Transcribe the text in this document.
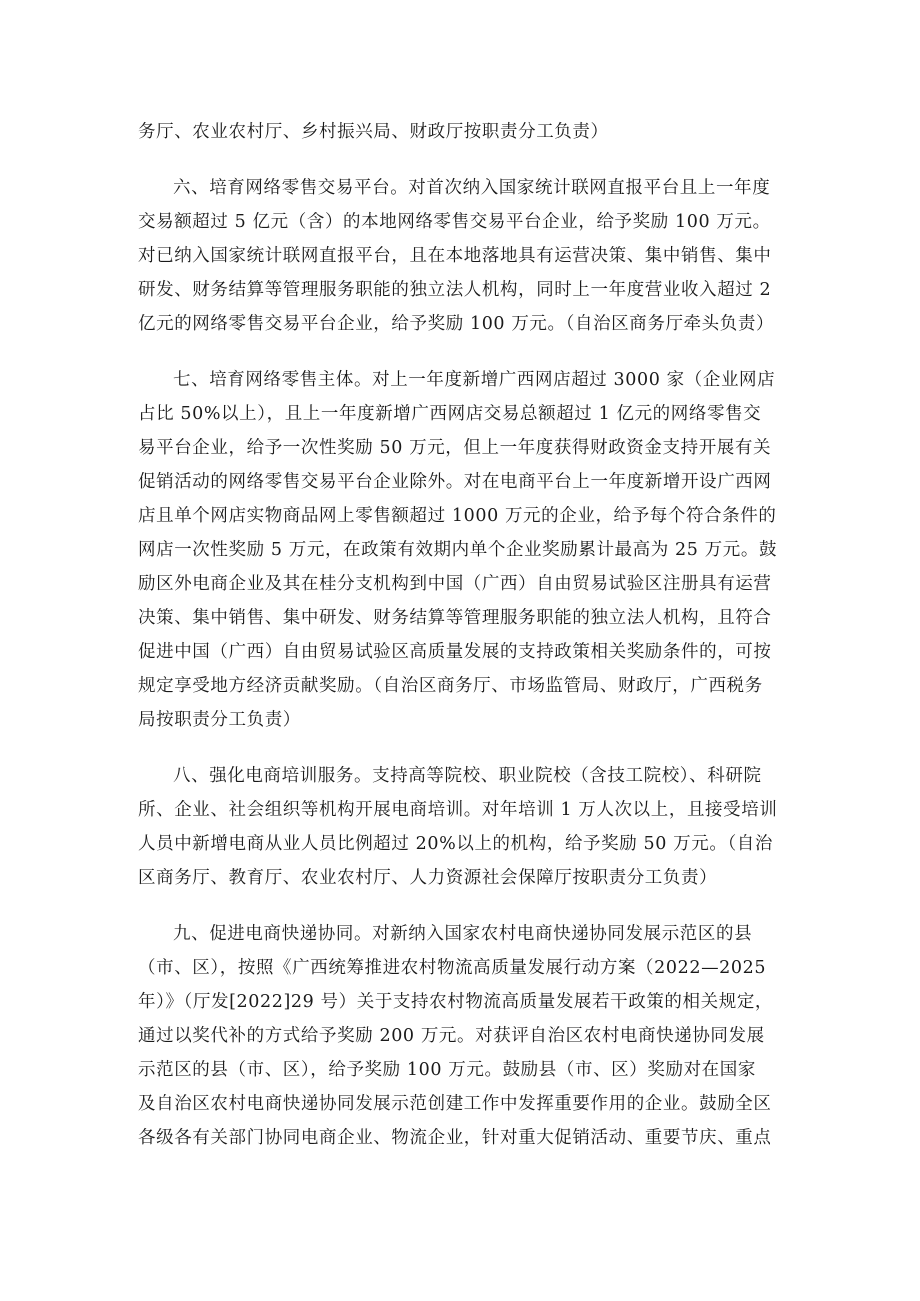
务厅、农业农村厅、乡村振兴局、财政厅按职责分工负责）
六、培育网络零售交易平台。对首次纳入国家统计联网直报平台且上一年度
交易额超过 5 亿元（含）的本地网络零售交易平台企业，给予奖励 100 万元。
对已纳入国家统计联网直报平台，且在本地落地具有运营决策、集中销售、集中
研发、财务结算等管理服务职能的独立法人机构，同时上一年度营业收入超过 2
亿元的网络零售交易平台企业，给予奖励 100 万元。（自治区商务厅牵头负责）
七、培育网络零售主体。对上一年度新增广西网店超过 3000 家（企业网店
占比 50%以上），且上一年度新增广西网店交易总额超过 1 亿元的网络零售交
易平台企业，给予一次性奖励 50 万元，但上一年度获得财政资金支持开展有关
促销活动的网络零售交易平台企业除外。对在电商平台上一年度新增开设广西网
店且单个网店实物商品网上零售额超过 1000 万元的企业，给予每个符合条件的
网店一次性奖励 5 万元，在政策有效期内单个企业奖励累计最高为 25 万元。鼓
励区外电商企业及其在桂分支机构到中国（广西）自由贸易试验区注册具有运营
决策、集中销售、集中研发、财务结算等管理服务职能的独立法人机构，且符合
促进中国（广西）自由贸易试验区高质量发展的支持政策相关奖励条件的，可按
规定享受地方经济贡献奖励。（自治区商务厅、市场监管局、财政厅，广西税务
局按职责分工负责）
八、强化电商培训服务。支持高等院校、职业院校（含技工院校）、科研院
所、企业、社会组织等机构开展电商培训。对年培训 1 万人次以上，且接受培训
人员中新增电商从业人员比例超过 20%以上的机构，给予奖励 50 万元。（自治
区商务厅、教育厅、农业农村厅、人力资源社会保障厅按职责分工负责）
九、促进电商快递协同。对新纳入国家农村电商快递协同发展示范区的县
（市、区），按照《广西统筹推进农村物流高质量发展行动方案（2022—2025
年）》（厅发[2022]29 号）关于支持农村物流高质量发展若干政策的相关规定，
通过以奖代补的方式给予奖励 200 万元。对获评自治区农村电商快递协同发展
示范区的县（市、区），给予奖励 100 万元。鼓励县（市、区）奖励对在国家
及自治区农村电商快递协同发展示范创建工作中发挥重要作用的企业。鼓励全区
各级各有关部门协同电商企业、物流企业，针对重大促销活动、重要节庆、重点
